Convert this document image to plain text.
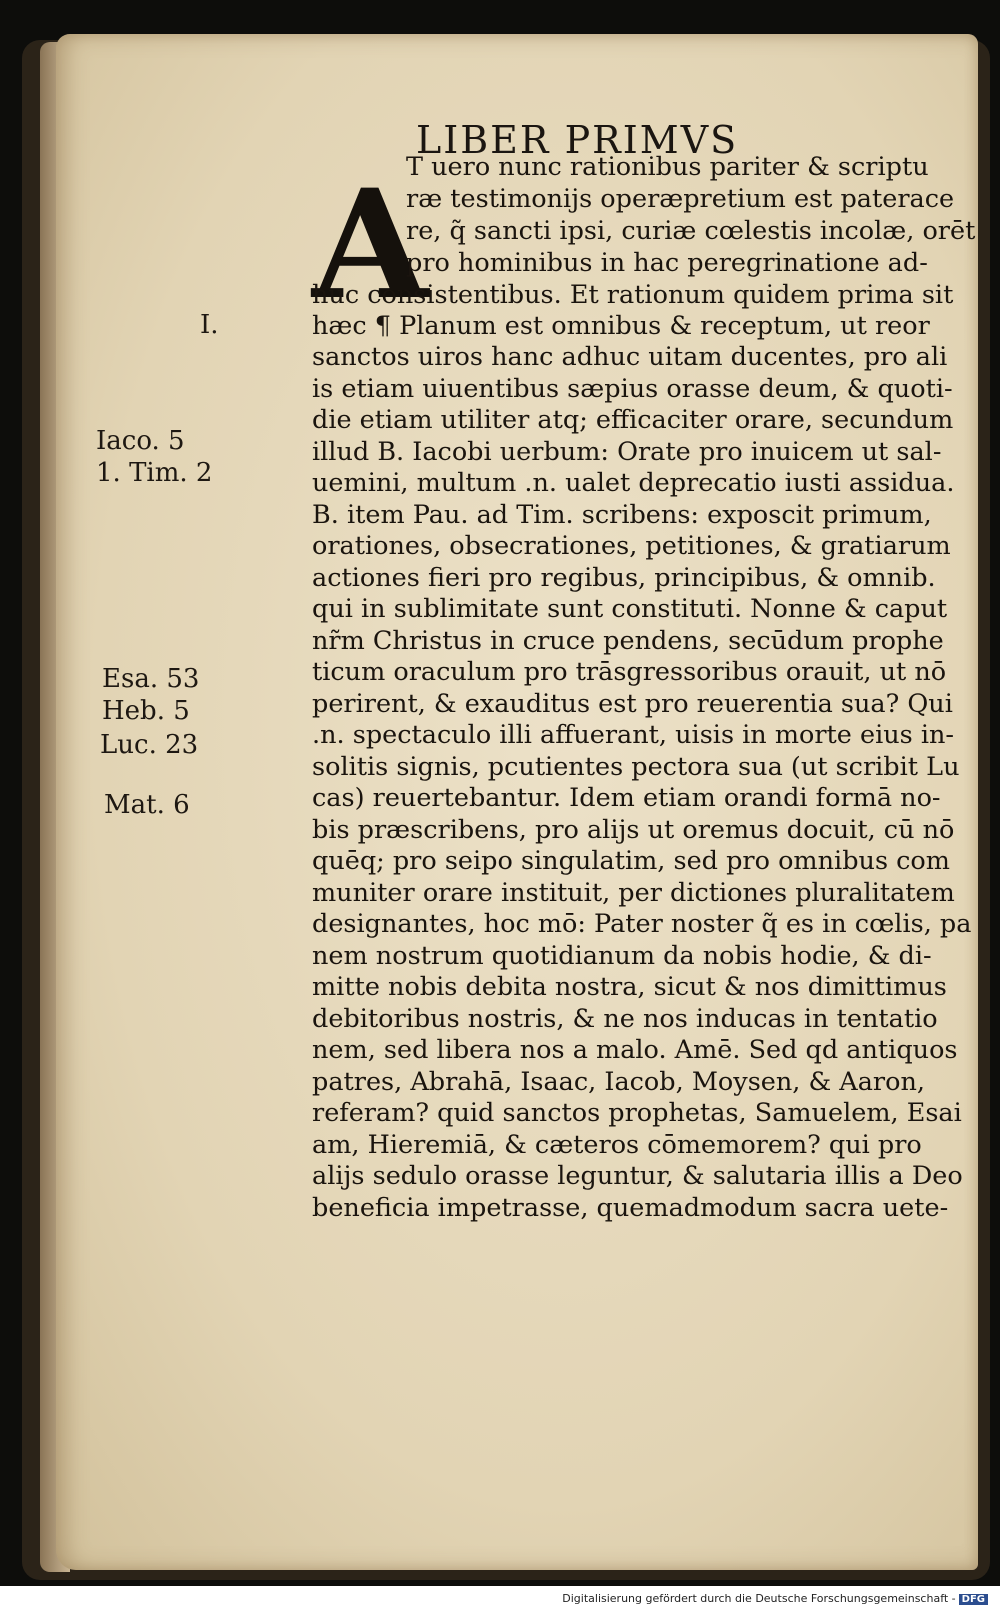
LIBER PRIMVS
A

T uero nunc rationibus pariter & scriptu

ræ testimonijs operæpretium est paterace

re, q̃ sancti ipsi, curiæ cœlestis incolæ, orēt

pro hominibus in hac peregrinatione ad-

huc consistentibus. Et rationum quidem prima sit

hæc ¶ Planum est omnibus & receptum, ut reor

sanctos uiros hanc adhuc uitam ducentes, pro ali

is etiam uiuentibus sæpius orasse deum, & quoti-

die etiam utiliter atq; efficaciter orare, secundum

illud B. Iacobi uerbum: Orate pro inuicem ut sal-

uemini, multum .n. ualet deprecatio iusti assidua.

B. item Pau. ad Tim. scribens: exposcit primum,

orationes, obsecrationes, petitiones, & gratiarum

actiones fieri pro regibus, principibus, & omnib.

qui in sublimitate sunt constituti. Nonne & caput

nr̃m Christus in cruce pendens, secūdum prophe

ticum oraculum pro trāsgressoribus orauit, ut nō

perirent, & exauditus est pro reuerentia sua? Qui

.n. spectaculo illi affuerant, uisis in morte eius in-

solitis signis, pcutientes pectora sua (ut scribit Lu

cas) reuertebantur. Idem etiam orandi formā no-

bis præscribens, pro alijs ut oremus docuit, cū nō

quēq; pro seipo singulatim, sed pro omnibus com

muniter orare instituit, per dictiones pluralitatem

designantes, hoc mō: Pater noster q̃ es in cœlis, pa

nem nostrum quotidianum da nobis hodie, & di-

mitte nobis debita nostra, sicut & nos dimittimus

debitoribus nostris, & ne nos inducas in tentatio

nem, sed libera nos a malo. Amē. Sed qd antiquos

patres, Abrahā, Isaac, Iacob, Moysen, & Aaron,

referam? quid sanctos prophetas, Samuelem, Esai

am, Hieremiā, & cæteros cōmemorem? qui pro

alijs sedulo orasse leguntur, & salutaria illis a Deo

beneficia impetrasse, quemadmodum sacra uete-

I.

Iaco. 5

1. Tim. 2

Esa. 53

Heb. 5

Luc. 23

Mat. 6

Digitalisierung gefördert durch die Deutsche Forschungsgemeinschaft - DFG
